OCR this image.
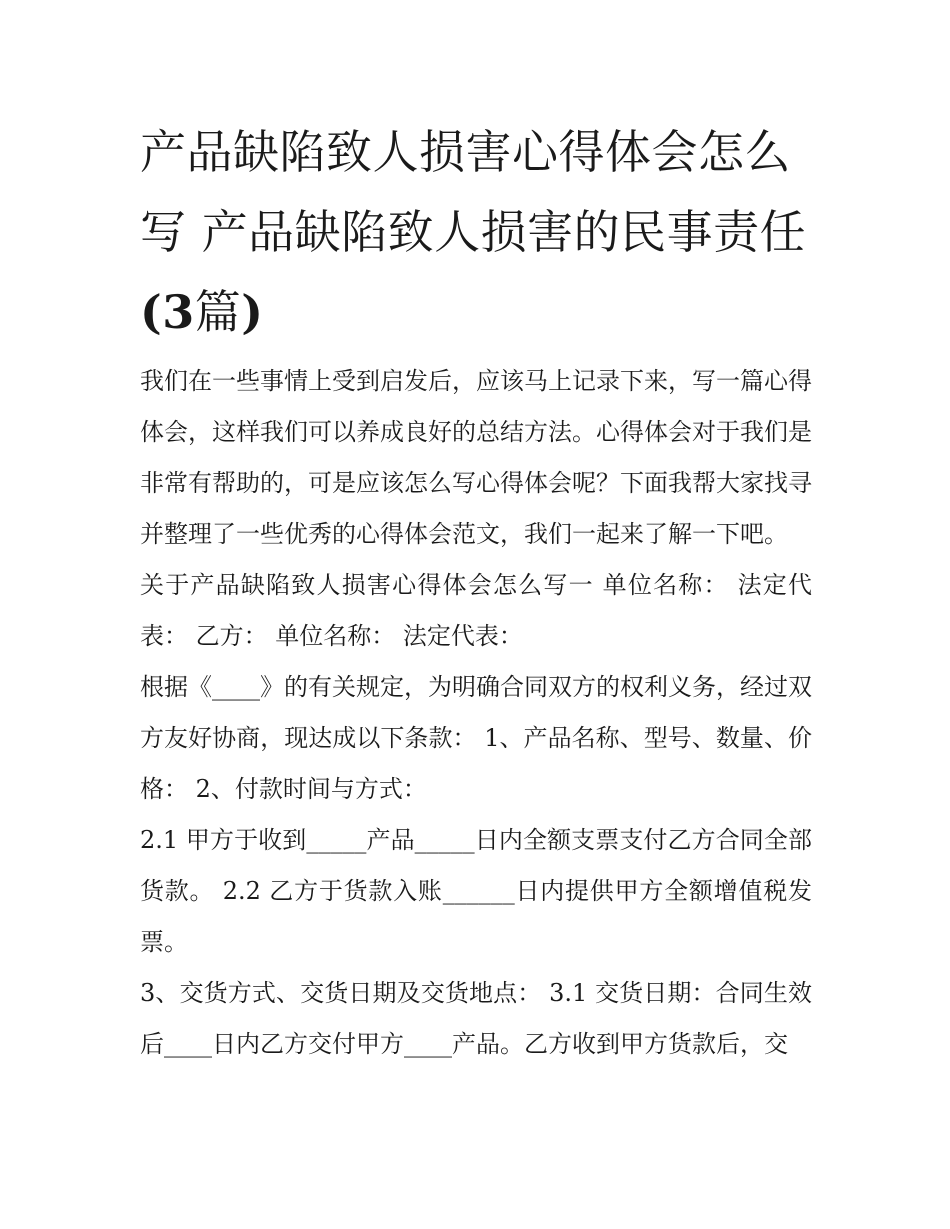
产品缺陷致人损害心得体会怎么写 产品缺陷致人损害的民事责任(3篇)

我们在一些事情上受到启发后，应该马上记录下来，写一篇心得体会，这样我们可以养成良好的总结方法。心得体会对于我们是非常有帮助的，可是应该怎么写心得体会呢？下面我帮大家找寻并整理了一些优秀的心得体会范文，我们一起来了解一下吧。

关于产品缺陷致人损害心得体会怎么写一 单位名称： 法定代表： 乙方： 单位名称： 法定代表：

根据《____》的有关规定，为明确合同双方的权利义务，经过双方友好协商，现达成以下条款： 1、产品名称、型号、数量、价格： 2、付款时间与方式：

2.1 甲方于收到_____产品_____日内全额支票支付乙方合同全部货款。 2.2 乙方于货款入账______日内提供甲方全额增值税发票。

3、交货方式、交货日期及交货地点： 3.1 交货日期：合同生效后____日内乙方交付甲方____产品。乙方收到甲方货款后，交
